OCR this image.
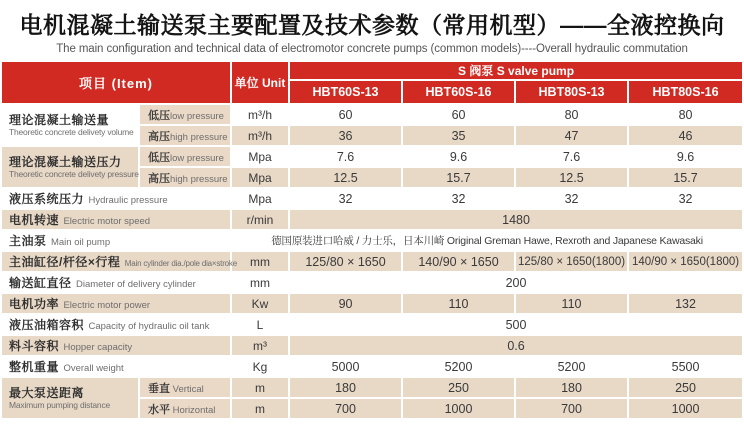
电机混凝土输送泵主要配置及技术参数（常用机型）——全液控换向
The main configuration and technical data of electromotor concrete pumps (common models)----Overall hydraulic commutation
项目 (Item)		单位 Unit	S 阀泵 S valve pump			
			HBT60S-13	HBT60S-16	HBT80S-13	HBT80S-16

理论混凝土输送量
Theoretic concrete delivety volume	低压low pressure	m³/h	60	60	80	80
	高压high pressure	m³/h	36	35	47	46

理论混凝土输送压力
Theoretic concrete delivety pressure	低压low pressure	Mpa	7.6	9.6	7.6	9.6
	高压high pressure	Mpa	12.5	15.7	12.5	15.7
液压系统压力 Hydraulic pressure		Mpa	32	32	32	32
电机转速 Electric motor speed		r/min	1480			
主油泵 Main oil pump		德国原装进口哈威 / 力士乐，日本川崎 Original Greman Hawe, Rexroth and Japanese Kawasaki				
主油缸径/杆径×行程 Main cylinder dia./pole dia×stroke		mm	125/80 × 1650	140/90 × 1650	125/80 × 1650(1800)	140/90 × 1650(1800)
输送缸直径 Diameter of delivery cylinder		mm	200			
电机功率 Electric motor power		Kw	90	110	110	132
液压油箱容积 Capacity of hydraulic oil tank		L	500			
料斗容积 Hopper capacity		m³	0.6			
整机重量 Overall weight		Kg	5000	5200	5200	5500

最大泵送距离
Maximum pumping distance	垂直 Vertical	m	180	250	180	250
	水平 Horizontal	m	700	1000	700	1000
